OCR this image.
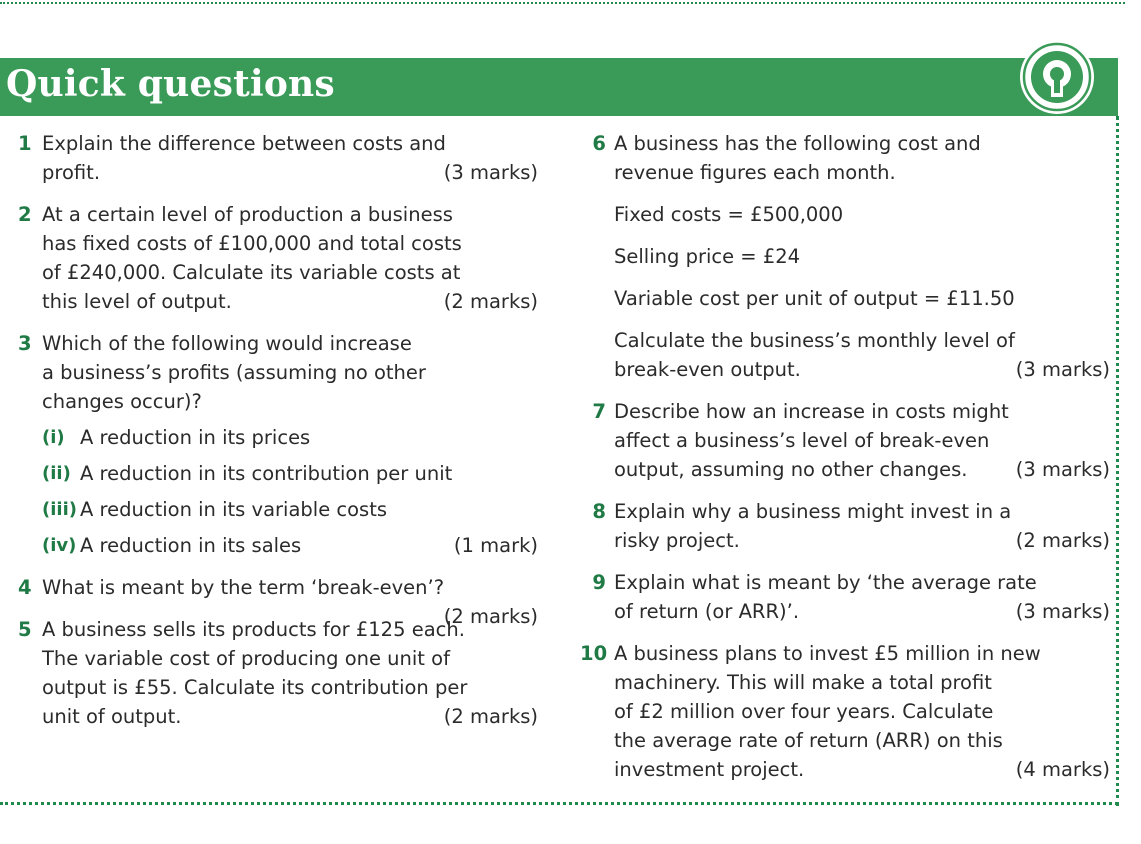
Quick questions
1 Explain the difference between costs and
profit.	(3 marks)
2 At a certain level of production a business
has fixed costs of £100,000 and total costs
of £240,000. Calculate its variable costs at
this level of output.	(2 marks)
3 Which of the following would increase
a business’s profits (assuming no other
changes occur)?
(i) A reduction in its prices
(ii) A reduction in its contribution per unit
(iii) A reduction in its variable costs
(iv) A reduction in its sales	(1 mark)
4 What is meant by the term ‘break-even’?
(2 marks)
5 A business sells its products for £125 each.
The variable cost of producing one unit of
output is £55. Calculate its contribution per
unit of output.	(2 marks)
6 A business has the following cost and
revenue figures each month.
Fixed costs = £500,000
Selling price = £24
Variable cost per unit of output = £11.50
Calculate the business’s monthly level of
break-even output.	(3 marks)
7 Describe how an increase in costs might
affect a business’s level of break-even
output, assuming no other changes. (3 marks)
8 Explain why a business might invest in a
risky project.	(2 marks)
9 Explain what is meant by ‘the average rate
of return (or ARR)’.	(3 marks)
10 A business plans to invest £5 million in new
machinery. This will make a total profit
of £2 million over four years. Calculate
the average rate of return (ARR) on this
investment project.	(4 marks)
